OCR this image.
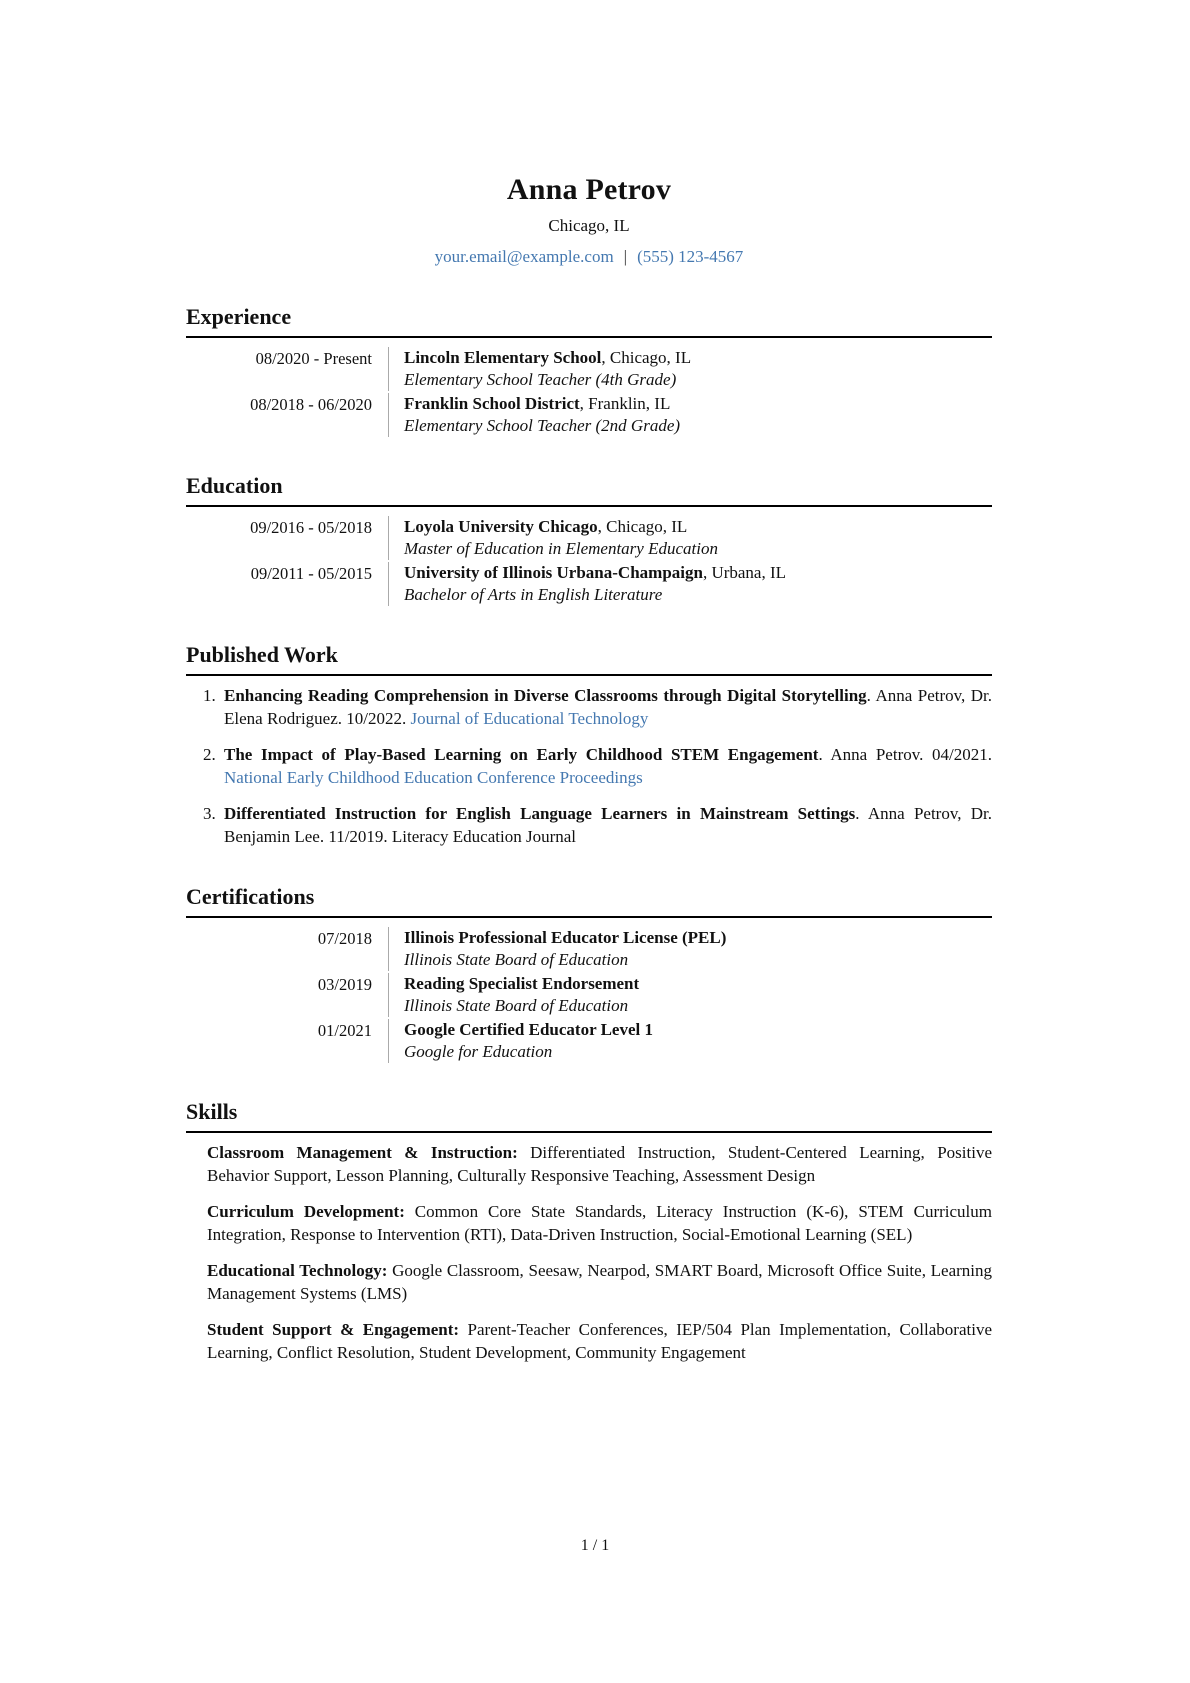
Anna Petrov
Chicago, IL
your.email@example.com | (555) 123-4567
Experience
08/2020 - Present Lincoln Elementary School, Chicago, IL
Elementary School Teacher (4th Grade)
08/2018 - 06/2020 Franklin School District, Franklin, IL
Elementary School Teacher (2nd Grade)
Education
09/2016 - 05/2018 Loyola University Chicago, Chicago, IL
Master of Education in Elementary Education
09/2011 - 05/2015 University of Illinois Urbana-Champaign, Urbana, IL
Bachelor of Arts in English Literature
Published Work
1. Enhancing Reading Comprehension in Diverse Classrooms through Digital Storytelling. Anna Petrov, Dr. Elena Rodriguez. 10/2022. Journal of Educational Technology
2. The Impact of Play-Based Learning on Early Childhood STEM Engagement. Anna Petrov. 04/2021. National Early Childhood Education Conference Proceedings
3. Differentiated Instruction for English Language Learners in Mainstream Settings. Anna Petrov, Dr. Benjamin Lee. 11/2019. Literacy Education Journal
Certifications
07/2018 Illinois Professional Educator License (PEL)
Illinois State Board of Education
03/2019 Reading Specialist Endorsement
Illinois State Board of Education
01/2021 Google Certified Educator Level 1
Google for Education
Skills
Classroom Management & Instruction: Differentiated Instruction, Student-Centered Learning, Positive Behavior Support, Lesson Planning, Culturally Responsive Teaching, Assessment Design
Curriculum Development: Common Core State Standards, Literacy Instruction (K-6), STEM Curriculum Integration, Response to Intervention (RTI), Data-Driven Instruction, Social-Emotional Learning (SEL)
Educational Technology: Google Classroom, Seesaw, Nearpod, SMART Board, Microsoft Office Suite, Learning Management Systems (LMS)
Student Support & Engagement: Parent-Teacher Conferences, IEP/504 Plan Implementation, Collaborative Learning, Conflict Resolution, Student Development, Community Engagement
1 / 1
